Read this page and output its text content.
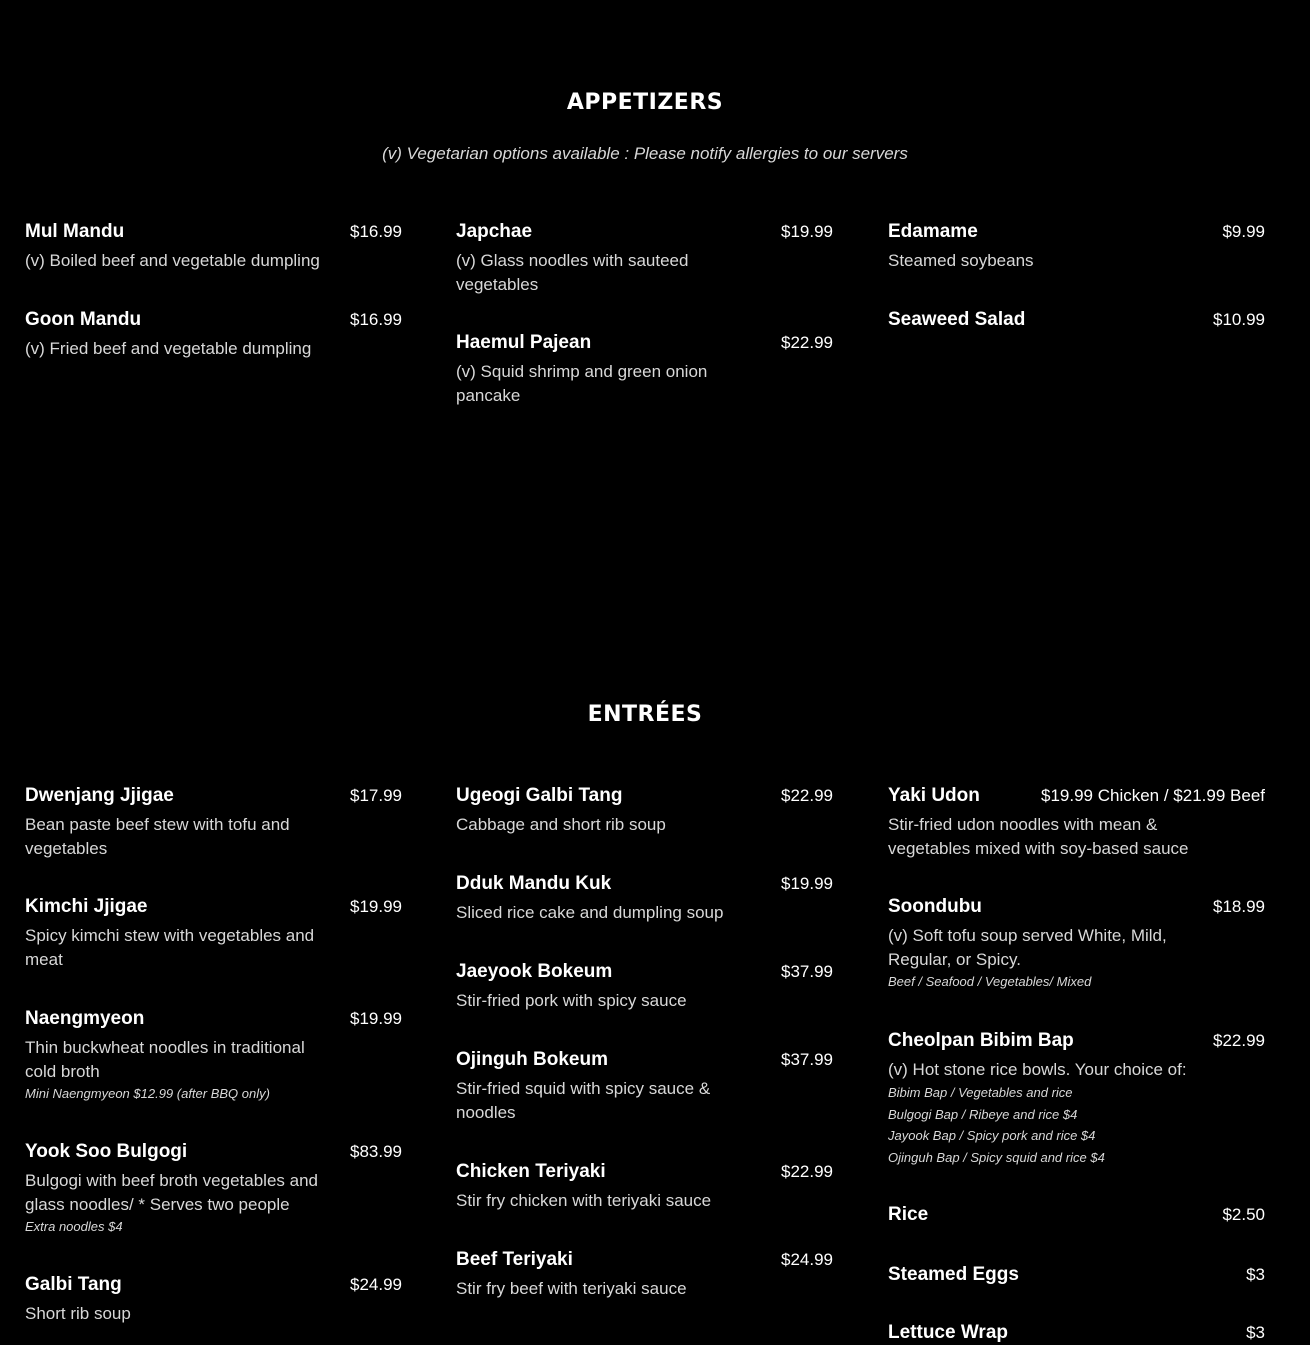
APPETIZERS
(v) Vegetarian options available : Please notify allergies to our servers
Mul Mandu	$16.99
(v) Boiled beef and vegetable dumpling
Goon Mandu	$16.99
(v) Fried beef and vegetable dumpling
Japchae	$19.99
(v) Glass noodles with sauteed vegetables
Haemul Pajean	$22.99
(v) Squid shrimp and green onion pancake
Edamame	$9.99
Steamed soybeans
Seaweed Salad	$10.99
ENTRÉES
Dwenjang Jjigae	$17.99
Bean paste beef stew with tofu and vegetables
Kimchi Jjigae	$19.99
Spicy kimchi stew with vegetables and meat
Naengmyeon	$19.99
Thin buckwheat noodles in traditional cold broth
Mini Naengmyeon $12.99 (after BBQ only)
Yook Soo Bulgogi	$83.99
Bulgogi with beef broth vegetables and glass noodles/ * Serves two people
Extra noodles $4
Galbi Tang	$24.99
Short rib soup
Ugeogi Galbi Tang	$22.99
Cabbage and short rib soup
Dduk Mandu Kuk	$19.99
Sliced rice cake and dumpling soup
Jaeyook Bokeum	$37.99
Stir-fried pork with spicy sauce
Ojinguh Bokeum	$37.99
Stir-fried squid with spicy sauce & noodles
Chicken Teriyaki	$22.99
Stir fry chicken with teriyaki sauce
Beef Teriyaki	$24.99
Stir fry beef with teriyaki sauce
Yaki Udon	$19.99 Chicken / $21.99 Beef
Stir-fried udon noodles with mean & vegetables mixed with soy-based sauce
Soondubu	$18.99
(v) Soft tofu soup served White, Mild, Regular, or Spicy.
Beef / Seafood / Vegetables/ Mixed
Cheolpan Bibim Bap	$22.99
(v) Hot stone rice bowls. Your choice of:
Bibim Bap / Vegetables and rice
Bulgogi Bap / Ribeye and rice $4
Jayook Bap / Spicy pork and rice $4
Ojinguh Bap / Spicy squid and rice $4
Rice	$2.50
Steamed Eggs	$3
Lettuce Wrap	$3
